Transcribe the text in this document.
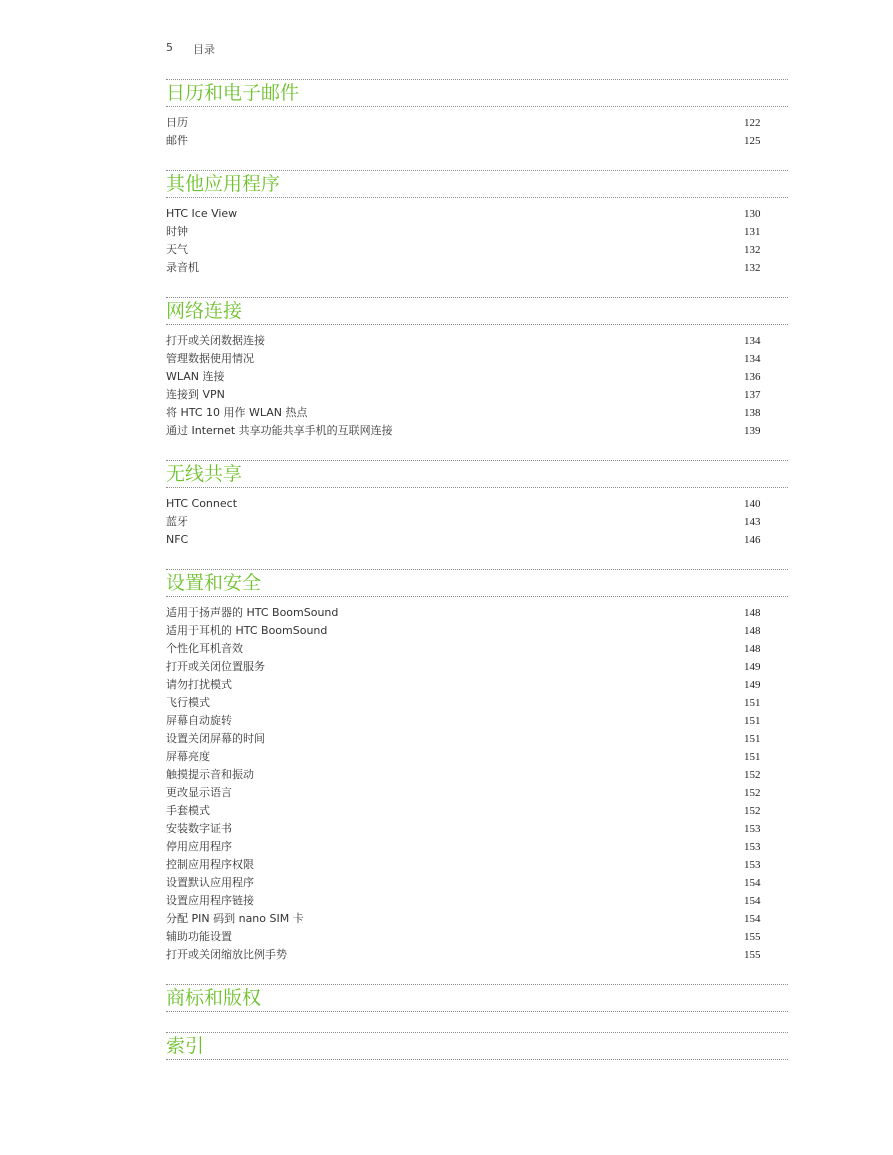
5 目录
日历和电子邮件
日历	122
邮件	125
其他应用程序
HTC Ice View	130
时钟	131
天气	132
录音机	132
网络连接
打开或关闭数据连接	134
管理数据使用情况	134
WLAN 连接	136
连接到 VPN	137
将 HTC 10 用作 WLAN 热点	138
通过 Internet 共享功能共享手机的互联网连接	139
无线共享
HTC Connect	140
蓝牙	143
NFC	146
设置和安全
适用于扬声器的 HTC BoomSound	148
适用于耳机的 HTC BoomSound	148
个性化耳机音效	148
打开或关闭位置服务	149
请勿打扰模式	149
飞行模式	151
屏幕自动旋转	151
设置关闭屏幕的时间	151
屏幕亮度	151
触摸提示音和振动	152
更改显示语言	152
手套模式	152
安装数字证书	153
停用应用程序	153
控制应用程序权限	153
设置默认应用程序	154
设置应用程序链接	154
分配 PIN 码到 nano SIM 卡	154
辅助功能设置	155
打开或关闭缩放比例手势	155
商标和版权
索引
